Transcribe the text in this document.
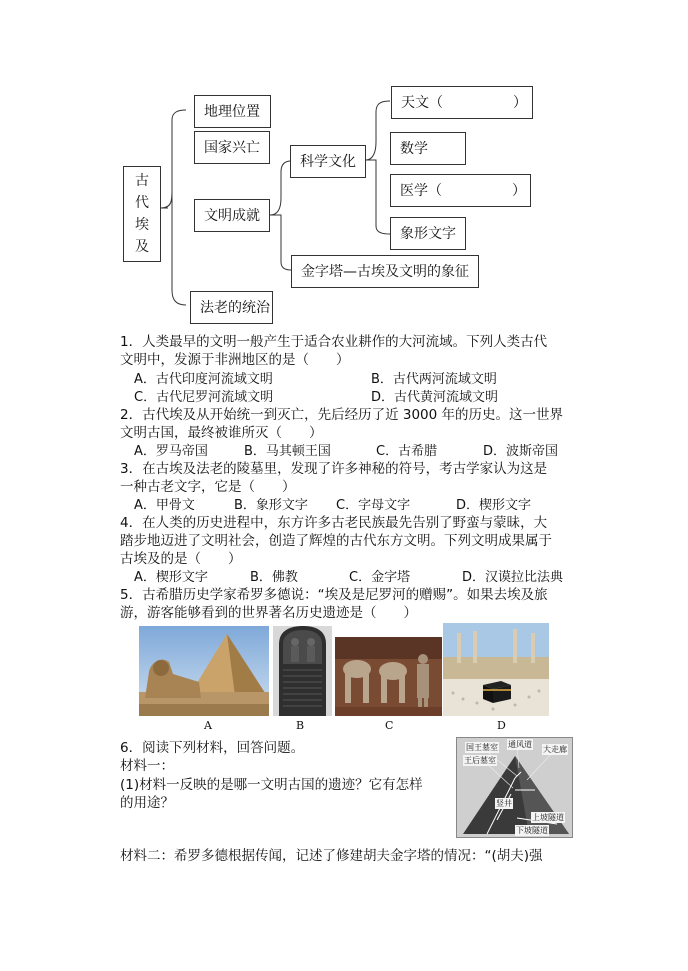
古
代
埃
及
地理位置
国家兴亡
文明成就
科学文化
天文（　　　　　）
数学
医学（　　　　　）
象形文字
金字塔—古埃及文明的象征
法老的统治
1．人类最早的文明一般产生于适合农业耕作的大河流域。下列人类古代
文明中，发源于非洲地区的是（　　）
A．古代印度河流域文明	B．古代两河流域文明
C．古代尼罗河流域文明	D．古代黄河流域文明
2．古代埃及从开始统一到灭亡，先后经历了近 3000 年的历史。这一世界
文明古国，最终被谁所灭（　　）
A．罗马帝国	B．马其顿王国	C．古希腊	D．波斯帝国
3．在古埃及法老的陵墓里，发现了许多神秘的符号，考古学家认为这是
一种古老文字，它是（　　）
A．甲骨文	B．象形文字 C．字母文字	D．楔形文字
4．在人类的历史进程中，东方许多古老民族最先告别了野蛮与蒙昧，大
踏步地迈进了文明社会，创造了辉煌的古代东方文明。下列文明成果属于
古埃及的是（　　）
A．楔形文字	B．佛教	C．金字塔	D．汉谟拉比法典
5．古希腊历史学家希罗多德说：“埃及是尼罗河的赠赐”。如果去埃及旅
游，游客能够看到的世界著名历史遗迹是（　　）
A	B	C	D
6．阅读下列材料，回答问题。
材料一：
(1)材料一反映的是哪一文明古国的遗迹？它有怎样
的用途？
国王墓室
王后墓室
通风道
大走廊
竖井
上坡隧道
下坡隧道
材料二：希罗多德根据传闻，记述了修建胡夫金字塔的情况：“(胡夫)强
